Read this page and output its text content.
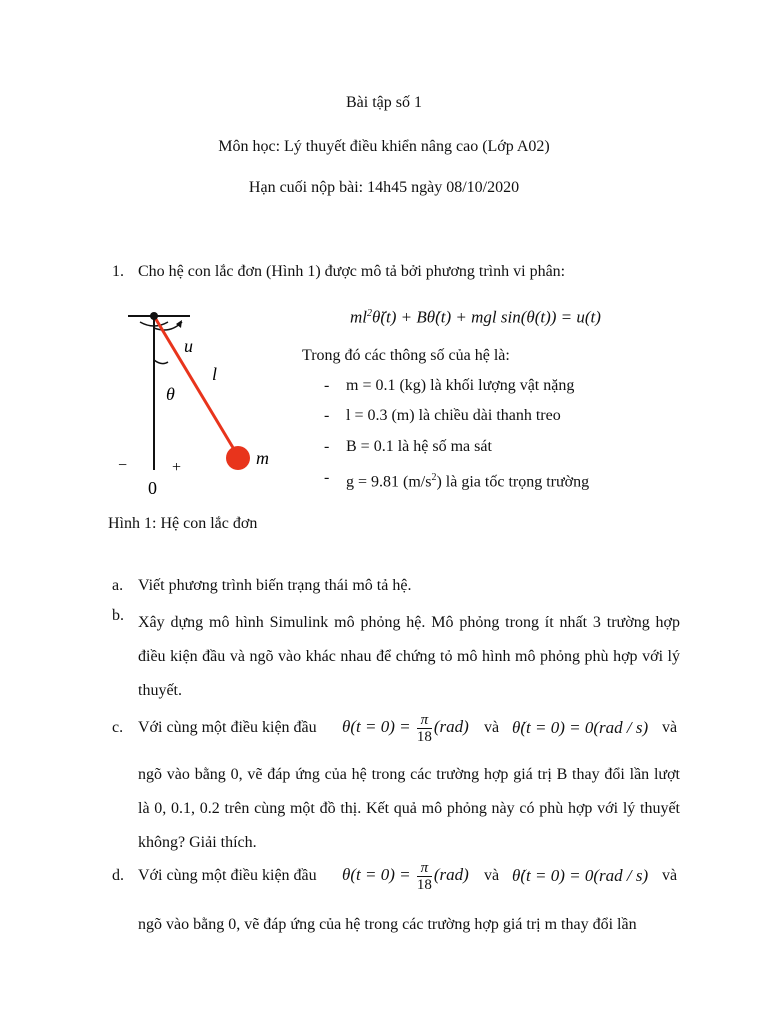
Bài tập số 1
Môn học: Lý thuyết điều khiển nâng cao (Lớp A02)
Hạn cuối nộp bài: 14h45 ngày 08/10/2020
1. Cho hệ con lắc đơn (Hình 1) được mô tả bởi phương trình vi phân:
u
l
θ
m
−	+
0
$ml^2\thetä(t)$ + Bθ̇(t) + mgl sin(θ(t)) = u(t)
Trong đó các thông số của hệ là:
- m = 0.1 (kg) là khối lượng vật nặng
- l = 0.3 (m) là chiều dài thanh treo
- B = 0.1 là hệ số ma sát
- g = 9.81 $(m/s^2)$ là gia tốc trọng trường
Hình 1: Hệ con lắc đơn
a. Viết phương trình biến trạng thái mô tả hệ.
b. Xây dựng mô hình Simulink mô phỏng hệ. Mô phỏng trong ít nhất 3 trường hợp điều kiện đầu và ngõ vào khác nhau để chứng tỏ mô hình mô phỏng phù hợp với lý thuyết.
c. Với cùng một điều kiện đầu $\theta(t = 0) = \frac{\pi}{18} (rad)$ và θ̇(t = 0) = 0(rad / s) và
ngõ vào bằng 0, vẽ đáp ứng của hệ trong các trường hợp giá trị B thay đổi lần lượt là 0, 0.1, 0.2 trên cùng một đồ thị. Kết quả mô phỏng này có phù hợp với lý thuyết không? Giải thích.
d. Với cùng một điều kiện đầu $\theta(t = 0) = \frac{\pi}{18} (rad)$ và θ̇(t = 0) = 0(rad / s) và
ngõ vào bằng 0, vẽ đáp ứng của hệ trong các trường hợp giá trị m thay đổi lần
